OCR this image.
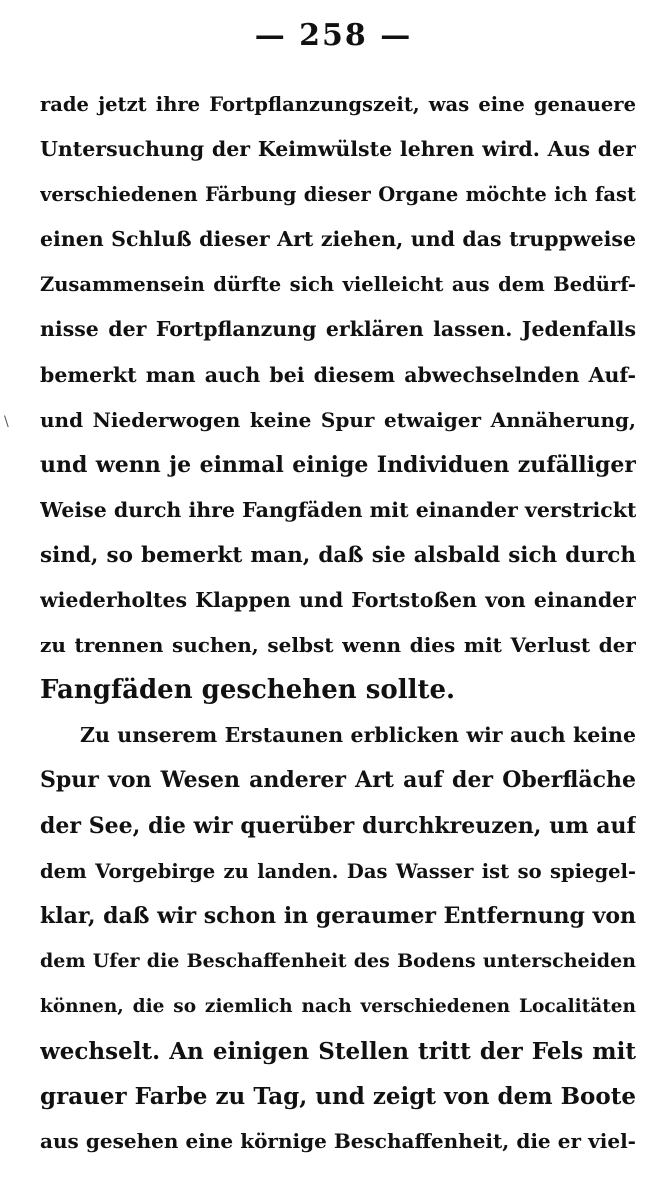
— 258 —
\
rade jetzt ihre Fortpflanzungszeit, was eine genauere
Untersuchung der Keimwülste lehren wird. Aus der
verschiedenen Färbung dieser Organe möchte ich fast
einen Schluß dieser Art ziehen, und das truppweise
Zusammensein dürfte sich vielleicht aus dem Bedürf-
nisse der Fortpflanzung erklären lassen. Jedenfalls
bemerkt man auch bei diesem abwechselnden Auf-
und Niederwogen keine Spur etwaiger Annäherung,
und wenn je einmal einige Individuen zufälliger
Weise durch ihre Fangfäden mit einander verstrickt
sind, so bemerkt man, daß sie alsbald sich durch
wiederholtes Klappen und Fortstoßen von einander
zu trennen suchen, selbst wenn dies mit Verlust der
Fangfäden geschehen sollte.
Zu unserem Erstaunen erblicken wir auch keine
Spur von Wesen anderer Art auf der Oberfläche
der See, die wir querüber durchkreuzen, um auf
dem Vorgebirge zu landen. Das Wasser ist so spiegel-
klar, daß wir schon in geraumer Entfernung von
dem Ufer die Beschaffenheit des Bodens unterscheiden
können, die so ziemlich nach verschiedenen Localitäten
wechselt. An einigen Stellen tritt der Fels mit
grauer Farbe zu Tag, und zeigt von dem Boote
aus gesehen eine körnige Beschaffenheit, die er viel-
